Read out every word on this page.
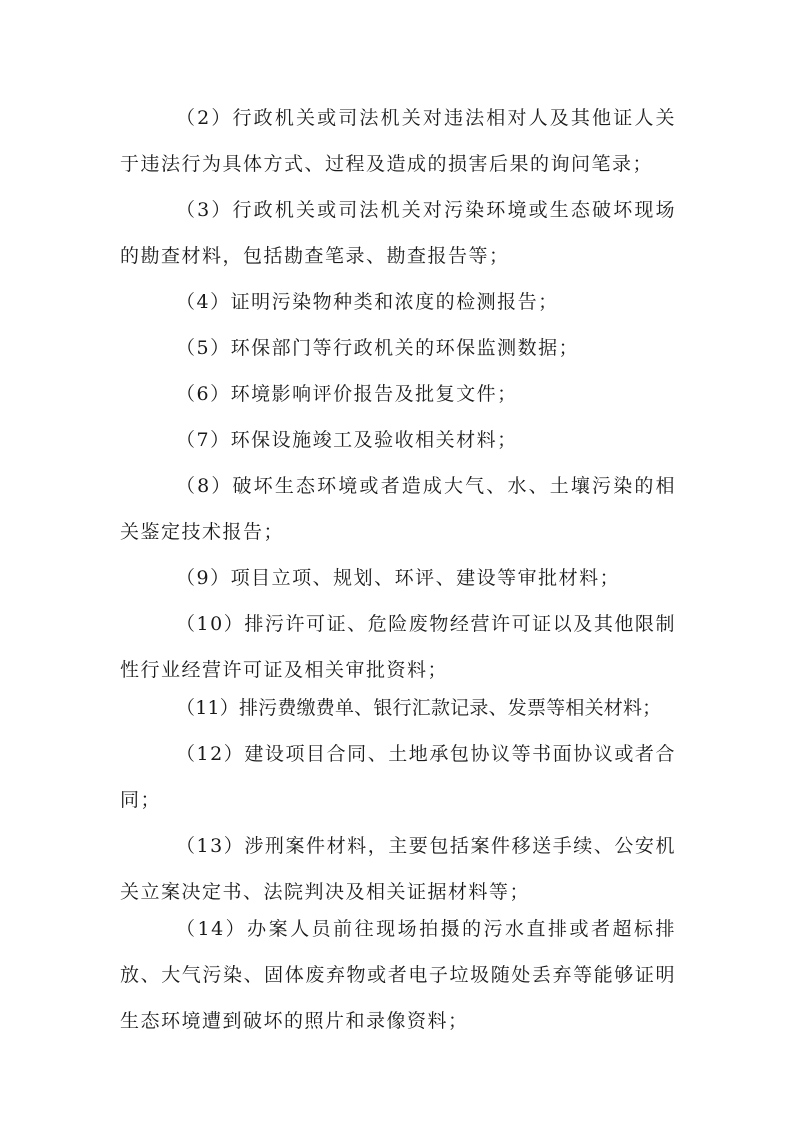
（2）行政机关或司法机关对违法相对人及其他证人关于违法行为具体方式、过程及造成的损害后果的询问笔录；

（3）行政机关或司法机关对污染环境或生态破坏现场的勘查材料，包括勘查笔录、勘查报告等；

（4）证明污染物种类和浓度的检测报告；

（5）环保部门等行政机关的环保监测数据；

（6）环境影响评价报告及批复文件；

（7）环保设施竣工及验收相关材料；

（8）破坏生态环境或者造成大气、水、土壤污染的相关鉴定技术报告；

（9）项目立项、规划、环评、建设等审批材料；

（10）排污许可证、危险废物经营许可证以及其他限制性行业经营许可证及相关审批资料；

（11）排污费缴费单、银行汇款记录、发票等相关材料；

（12）建设项目合同、土地承包协议等书面协议或者合同；

（13）涉刑案件材料，主要包括案件移送手续、公安机关立案决定书、法院判决及相关证据材料等；

（14）办案人员前往现场拍摄的污水直排或者超标排放、大气污染、固体废弃物或者电子垃圾随处丢弃等能够证明生态环境遭到破坏的照片和录像资料；
